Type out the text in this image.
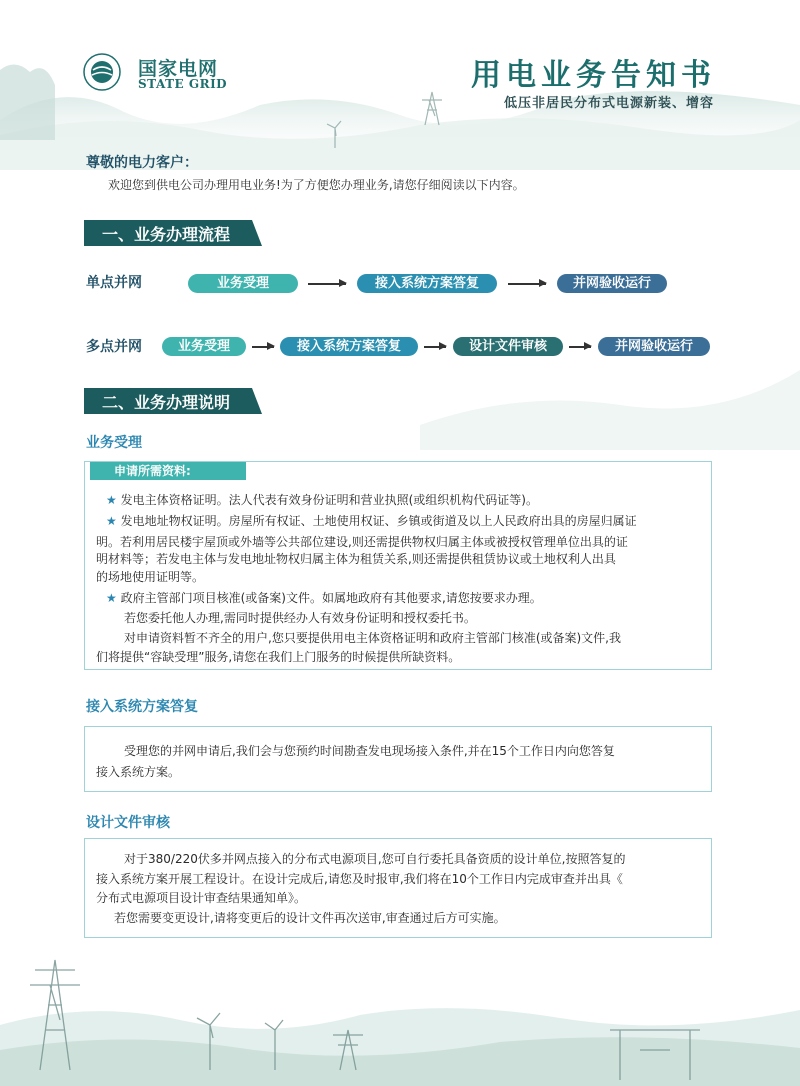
国家电网
STATE GRID	用电业务告知书
低压非居民分布式电源新装、增容
尊敬的电力客户：
欢迎您到供电公司办理用电业务!为了方便您办理业务,请您仔细阅读以下内容。
一、业务办理流程
单点并网	业务受理	接入系统方案答复	并网验收运行
多点并网	业务受理	接入系统方案答复	设计文件审核	并网验收运行
二、业务办理说明
业务受理
申请所需资料:
★ 发电主体资格证明。法人代表有效身份证明和营业执照(或组织机构代码证等)。
★ 发电地址物权证明。房屋所有权证、土地使用权证、乡镇或街道及以上人民政府出具的房屋归属证
明。若利用居民楼宇屋顶或外墙等公共部位建设,则还需提供物权归属主体或被授权管理单位出具的证
明材料等；若发电主体与发电地址物权归属主体为租赁关系,则还需提供租赁协议或土地权利人出具
的场地使用证明等。
★ 政府主管部门项目核准(或备案)文件。如属地政府有其他要求,请您按要求办理。
若您委托他人办理,需同时提供经办人有效身份证明和授权委托书。
对申请资料暂不齐全的用户,您只要提供用电主体资格证明和政府主管部门核准(或备案)文件,我
们将提供“容缺受理”服务,请您在我们上门服务的时候提供所缺资料。
接入系统方案答复
受理您的并网申请后,我们会与您预约时间勘查发电现场接入条件,并在15个工作日内向您答复
接入系统方案。
设计文件审核
对于380/220伏多并网点接入的分布式电源项目,您可自行委托具备资质的设计单位,按照答复的
接入系统方案开展工程设计。在设计完成后,请您及时报审,我们将在10个工作日内完成审查并出具《
分布式电源项目设计审查结果通知单》。
若您需要变更设计,请将变更后的设计文件再次送审,审查通过后方可实施。
